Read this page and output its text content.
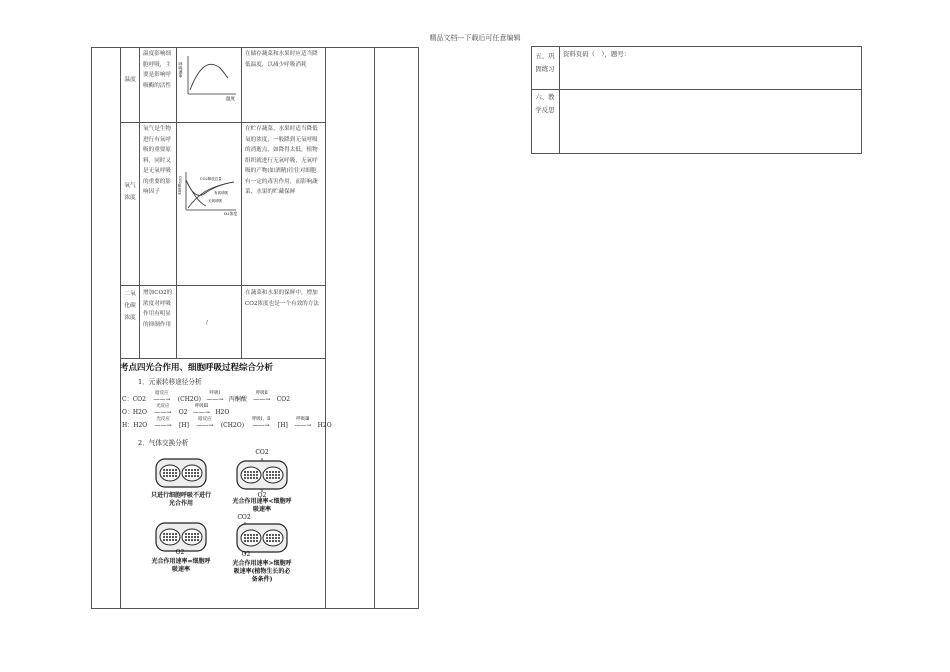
精品文档---下载后可任意编辑
温度
温度影响细胞呼吸，主要是影响呼吸酶的活性
在储存蔬菜和水果时应适当降低温度，以减少呼吸消耗
呼吸速率
温度
氧气浓度
氧气是生物进行有氧呼吸的重要原料，同时又是无氧呼吸的重要的影响因子
在贮存蔬菜、水果时适当降低氧的浓度，一般降到无氧呼吸的消逝点，如降得太低，植物组织就进行无氧呼吸，无氧呼吸的产物(如酒精)往往对细胞有一定的毒害作用，而影响蔬菜、水果的贮藏保鲜
CO2释放量	CO2释放总量
无氧呼吸
有氧呼吸
O2浓度
二氧化碳浓度
增加CO2的浓度对呼吸作用有明显的抑制作用	/
在蔬菜和水果的保鲜中，增加CO2浓度也是一个有效的方法
考点四光合作用、细胞呼吸过程综合分析
1．元素转移途径分析
C：CO2 暗反应
——→ (CH2O) 呼吸Ⅰ
——→ 丙酮酸 呼吸Ⅱ
——→ CO2
O：H2O 光反应
——→ O2 呼吸Ⅲ
——→ H2O
H：H2O 光反应
——→ [H] 暗反应
——→ (CH2O) 呼吸Ⅰ、Ⅱ
——→ [H] 呼吸Ⅲ
——→ H2O
2．气体交换分析
只进行细胞呼吸不进行光合作用
CO2
O2
光合作用速率<细胞呼吸速率
O2
光合作用速率=细胞呼吸速率
CO2
O2
光合作用速率>细胞呼吸速率(植物生长的必备条件)
五、巩固练习
资料页码（　），题号：
六、教学反思
